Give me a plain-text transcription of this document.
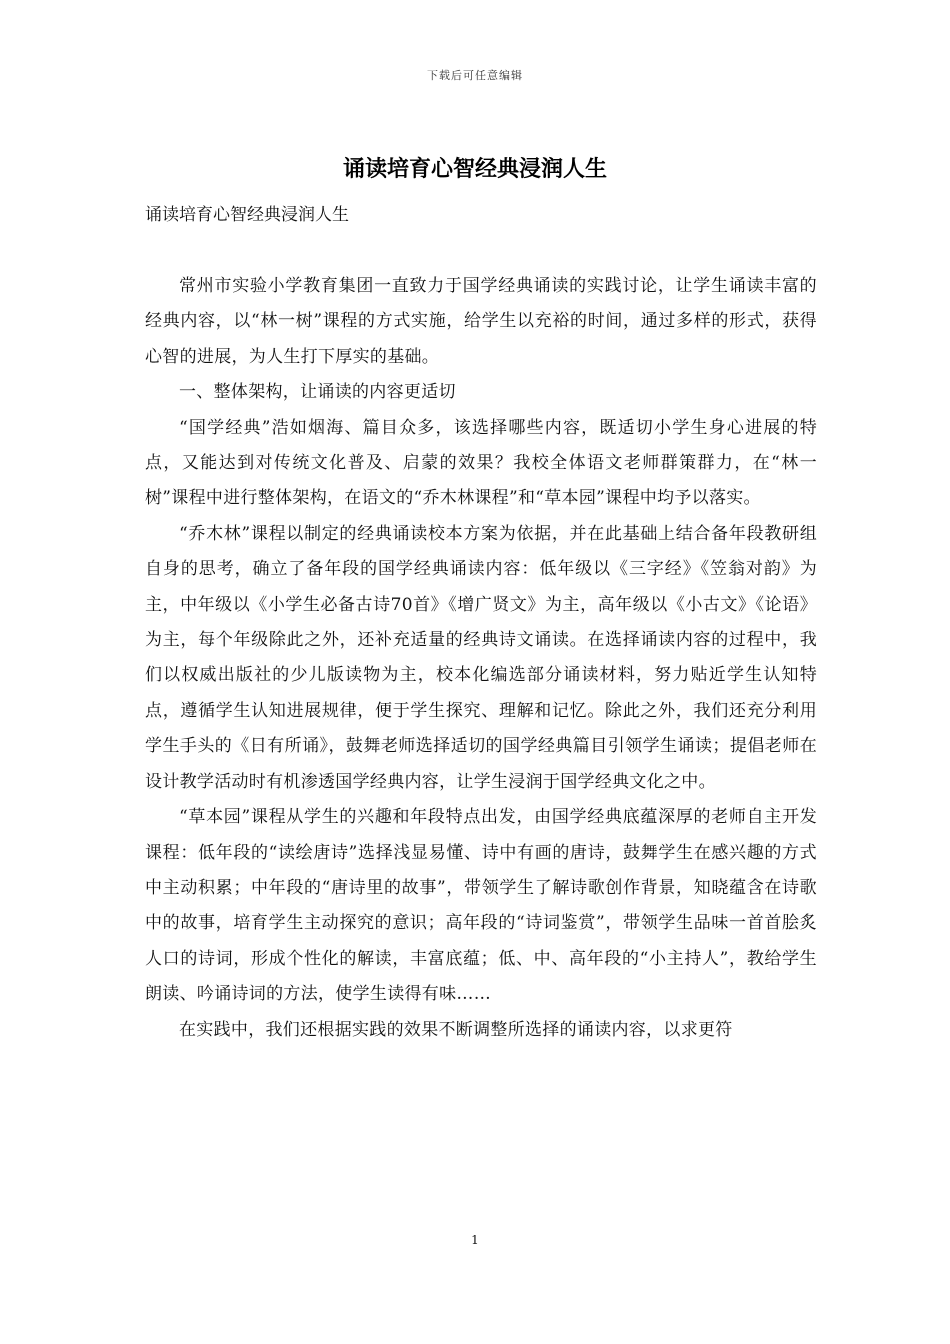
下载后可任意编辑
诵读培育心智经典浸润人生

诵读培育心智经典浸润人生

常州市实验小学教育集团一直致力于国学经典诵读的实践讨论，让学生诵读丰富的经典内容，以“林一树”课程的方式实施，给学生以充裕的时间，通过多样的形式，获得心智的进展，为人生打下厚实的基础。

一、整体架构，让诵读的内容更适切

“国学经典”浩如烟海、篇目众多，该选择哪些内容，既适切小学生身心进展的特点，又能达到对传统文化普及、启蒙的效果？我校全体语文老师群策群力，在“林一树”课程中进行整体架构，在语文的“乔木林课程”和“草本园”课程中均予以落实。

“乔木林”课程以制定的经典诵读校本方案为依据，并在此基础上结合备年段教研组自身的思考，确立了备年段的国学经典诵读内容：低年级以《三字经》《笠翁对韵》为主，中年级以《小学生必备古诗70首》《增广贤文》为主，高年级以《小古文》《论语》为主，每个年级除此之外，还补充适量的经典诗文诵读。在选择诵读内容的过程中，我们以权威出版社的少儿版读物为主，校本化编选部分诵读材料，努力贴近学生认知特点，遵循学生认知进展规律，便于学生探究、理解和记忆。除此之外，我们还充分利用学生手头的《日有所诵》，鼓舞老师选择适切的国学经典篇目引领学生诵读；提倡老师在设计教学活动时有机渗透国学经典内容，让学生浸润于国学经典文化之中。

“草本园”课程从学生的兴趣和年段特点出发，由国学经典底蕴深厚的老师自主开发课程：低年段的“读绘唐诗”选择浅显易懂、诗中有画的唐诗，鼓舞学生在感兴趣的方式中主动积累；中年段的“唐诗里的故事”，带领学生了解诗歌创作背景，知晓蕴含在诗歌中的故事，培育学生主动探究的意识；高年段的“诗词鉴赏”，带领学生品味一首首脍炙人口的诗词，形成个性化的解读，丰富底蕴；低、中、高年段的“小主持人”，教给学生朗读、吟诵诗词的方法，使学生读得有味……

在实践中，我们还根据实践的效果不断调整所选择的诵读内容，以求更符

1
